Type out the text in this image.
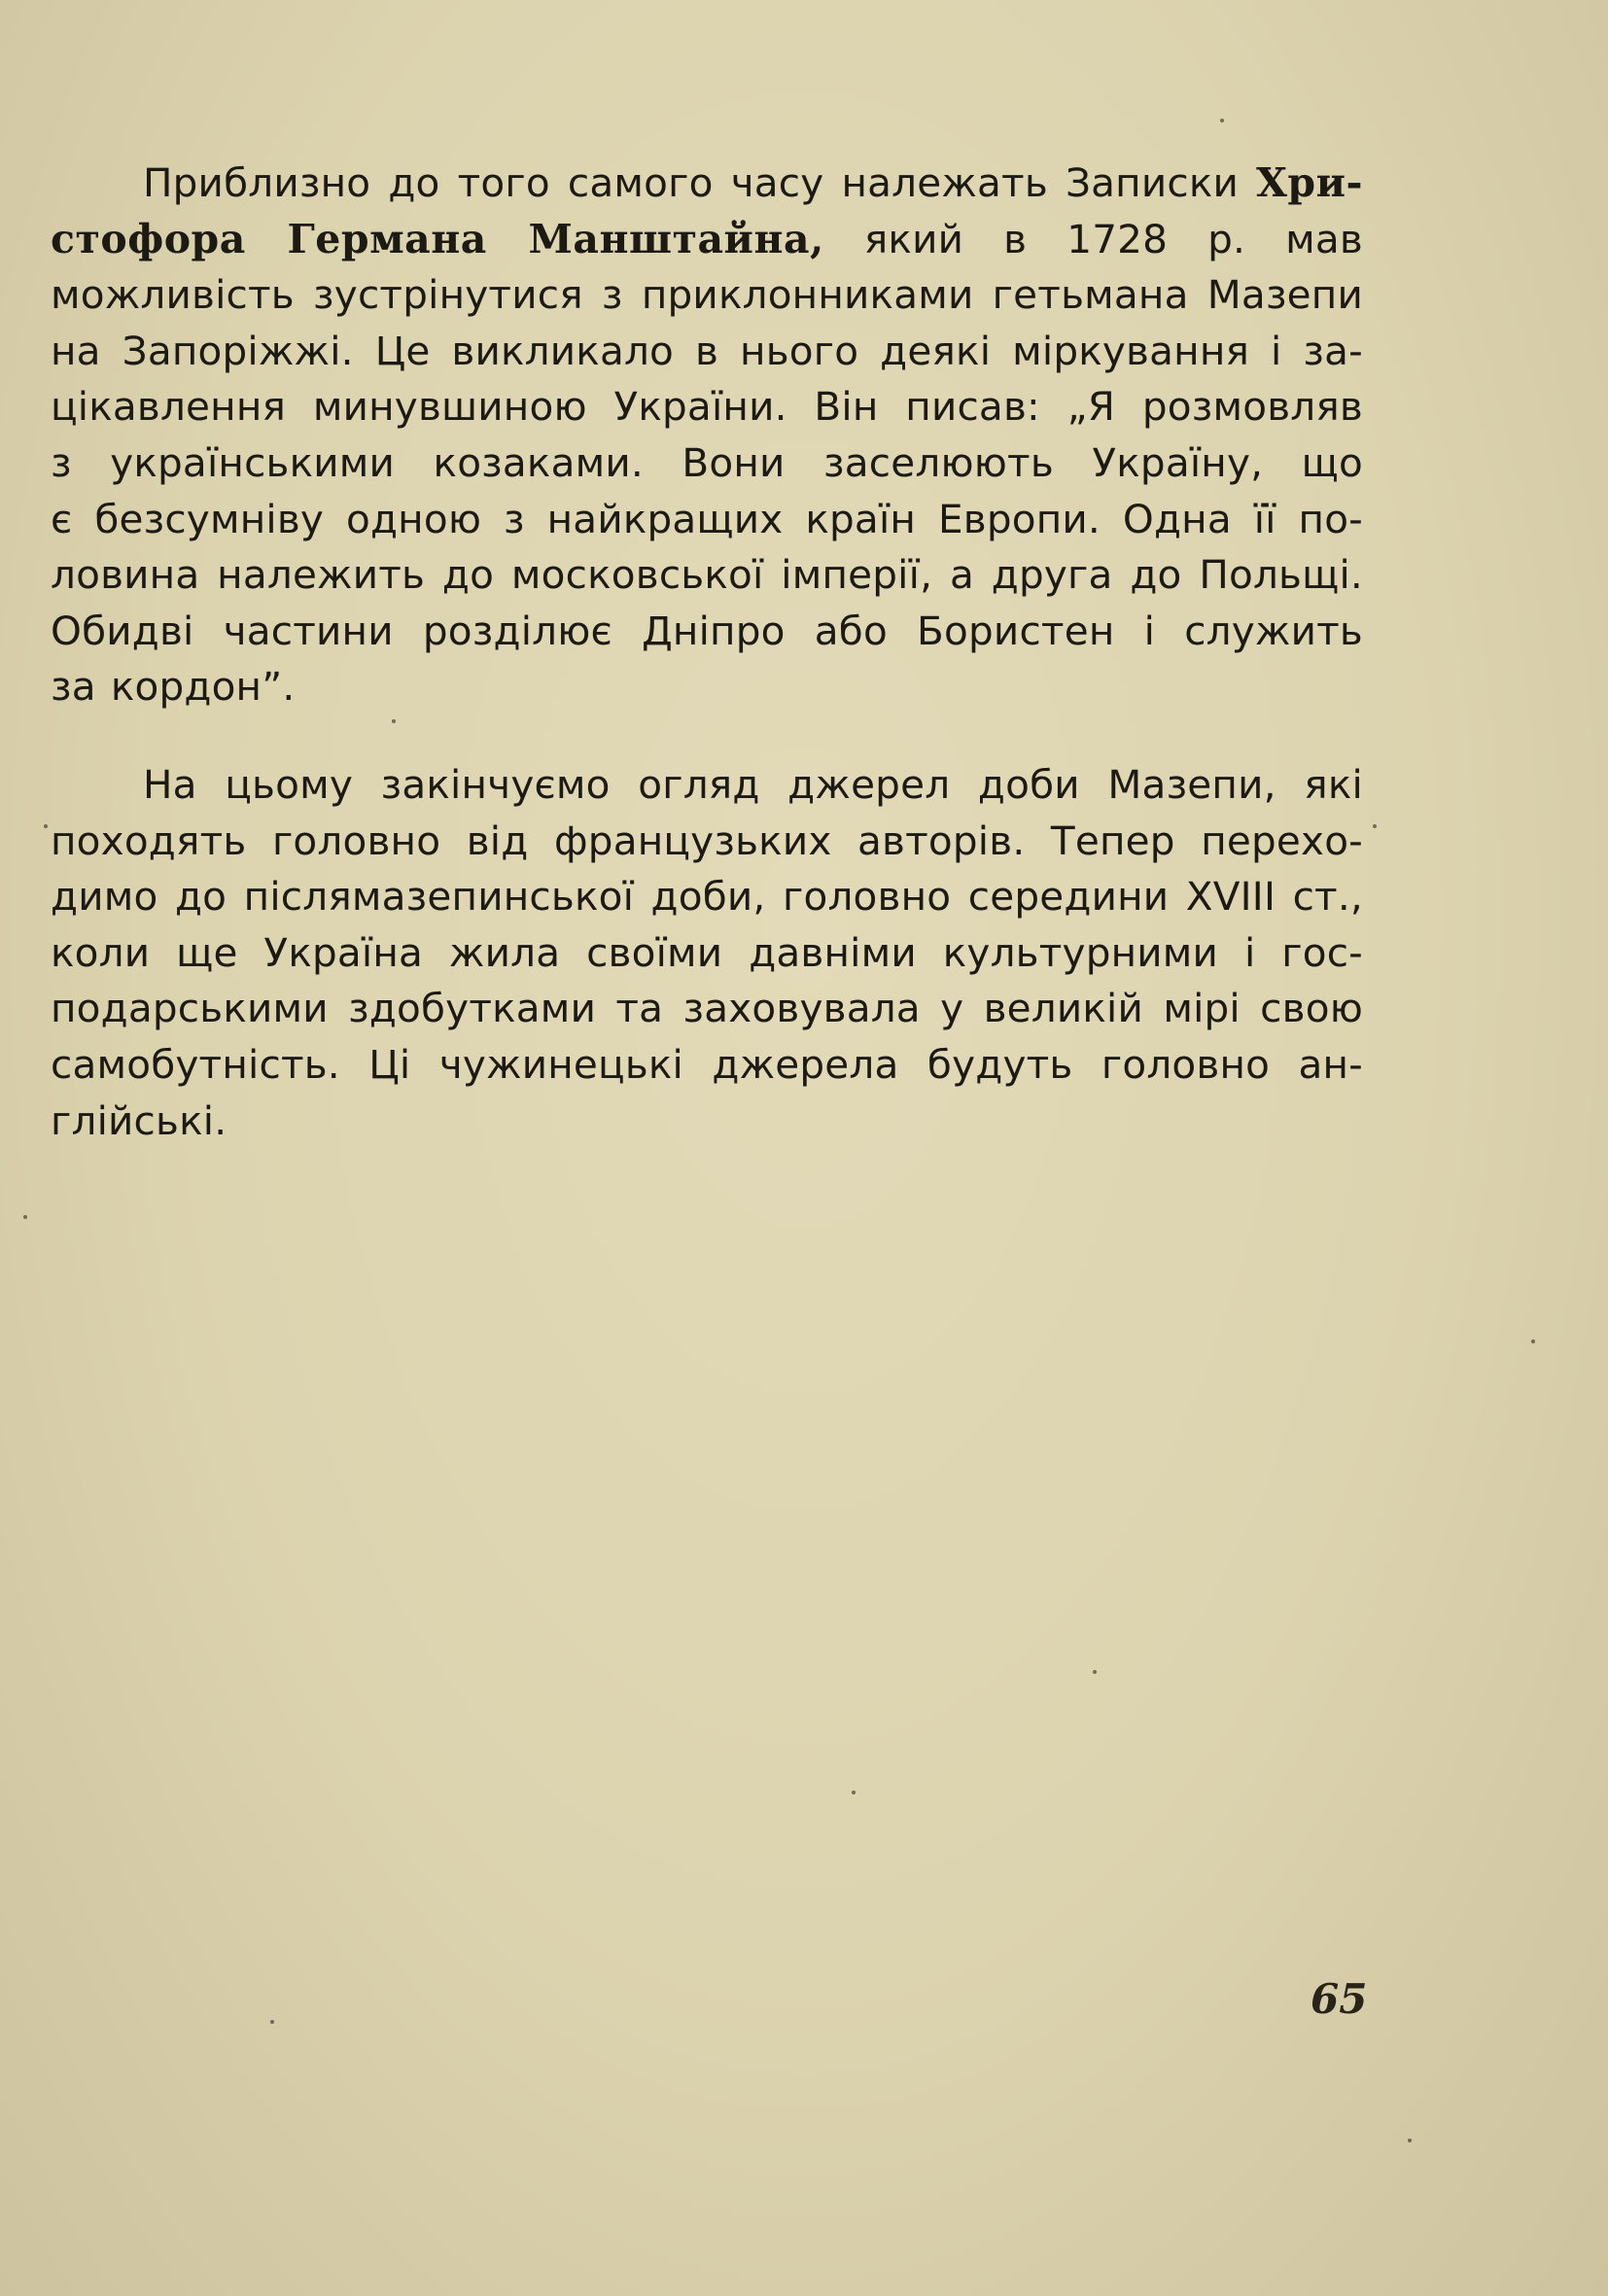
Приблизно до того самого часу належать Записки Хри-
стофора Германа Манштайна, який в 1728 р. мав
можливість зустрінутися з приклонниками гетьмана Мазепи
на Запоріжжі. Це викликало в нього деякі міркування і за-
цікавлення минувшиною України. Він писав: „Я розмовляв
з українськими козаками. Вони заселюють Україну, що
є безсумніву одною з найкращих країн Европи. Одна її по-
ловина належить до московської імперії, а друга до Польщі.
Обидві частини розділює Дніпро або Бористен і служить
за кордон”.
На цьому закінчуємо огляд джерел доби Мазепи, які
походять головно від французьких авторів. Тепер перехо-
димо до післямазепинської доби, головно середини XVIII ст.,
коли ще Україна жила своїми давніми культурними і гос-
подарськими здобутками та заховувала у великій мірі свою
самобутність. Ці чужинецькі джерела будуть головно ан-
глійські.
65
